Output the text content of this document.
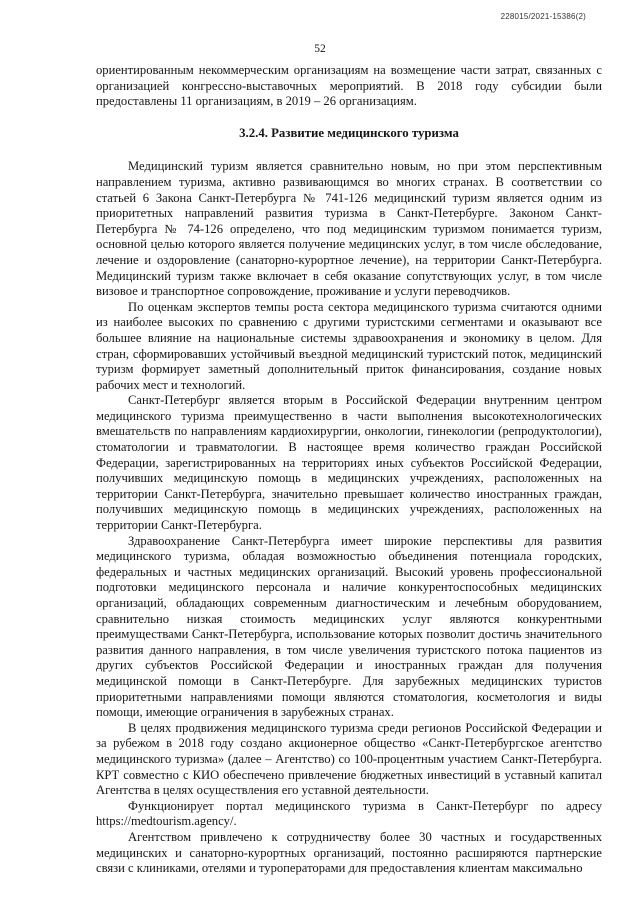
228015/2021-15386(2)
52

ориентированным некоммерческим организациям на возмещение части затрат, связанных с организацией конгрессно-выставочных мероприятий. В 2018 году субсидии были предоставлены 11 организациям, в 2019 – 26 организациям.

3.2.4. Развитие медицинского туризма

Медицинский туризм является сравнительно новым, но при этом перспективным направлением туризма, активно развивающимся во многих странах. В соответствии со статьей 6 Закона Санкт-Петербурга № 741-126 медицинский туризм является одним из приоритетных направлений развития туризма в Санкт-Петербурге. Законом Санкт-Петербурга № 74-126 определено, что под медицинским туризмом понимается туризм, основной целью которого является получение медицинских услуг, в том числе обследование, лечение и оздоровление (санаторно-курортное лечение), на территории Санкт-Петербурга. Медицинский туризм также включает в себя оказание сопутствующих услуг, в том числе визовое и транспортное сопровождение, проживание и услуги переводчиков.

По оценкам экспертов темпы роста сектора медицинского туризма считаются одними из наиболее высоких по сравнению с другими туристскими сегментами и оказывают все большее влияние на национальные системы здравоохранения и экономику в целом. Для стран, сформировавших устойчивый въездной медицинский туристский поток, медицинский туризм формирует заметный дополнительный приток финансирования, создание новых рабочих мест и технологий.

Санкт-Петербург является вторым в Российской Федерации внутренним центром медицинского туризма преимущественно в части выполнения высокотехнологических вмешательств по направлениям кардиохирургии, онкологии, гинекологии (репродуктологии), стоматологии и травматологии. В настоящее время количество граждан Российской Федерации, зарегистрированных на территориях иных субъектов Российской Федерации, получивших медицинскую помощь в медицинских учреждениях, расположенных на территории Санкт-Петербурга, значительно превышает количество иностранных граждан, получивших медицинскую помощь в медицинских учреждениях, расположенных на территории Санкт-Петербурга.

Здравоохранение Санкт-Петербурга имеет широкие перспективы для развития медицинского туризма, обладая возможностью объединения потенциала городских, федеральных и частных медицинских организаций. Высокий уровень профессиональной подготовки медицинского персонала и наличие конкурентоспособных медицинских организаций, обладающих современным диагностическим и лечебным оборудованием, сравнительно низкая стоимость медицинских услуг являются конкурентными преимуществами Санкт-Петербурга, использование которых позволит достичь значительного развития данного направления, в том числе увеличения туристского потока пациентов из других субъектов Российской Федерации и иностранных граждан для получения медицинской помощи в Санкт-Петербурге. Для зарубежных медицинских туристов приоритетными направлениями помощи являются стоматология, косметология и виды помощи, имеющие ограничения в зарубежных странах.

В целях продвижения медицинского туризма среди регионов Российской Федерации и за рубежом в 2018 году создано акционерное общество «Санкт-Петербургское агентство медицинского туризма» (далее – Агентство) со 100-процентным участием Санкт-Петербурга. КРТ совместно с КИО обеспечено привлечение бюджетных инвестиций в уставный капитал Агентства в целях осуществления его уставной деятельности.

Функционирует портал медицинского туризма в Санкт-Петербург по адресу https://medtourism.agency/.

Агентством привлечено к сотрудничеству более 30 частных и государственных медицинских и санаторно-курортных организаций, постоянно расширяются партнерские связи с клиниками, отелями и туроператорами для предоставления клиентам максимально
